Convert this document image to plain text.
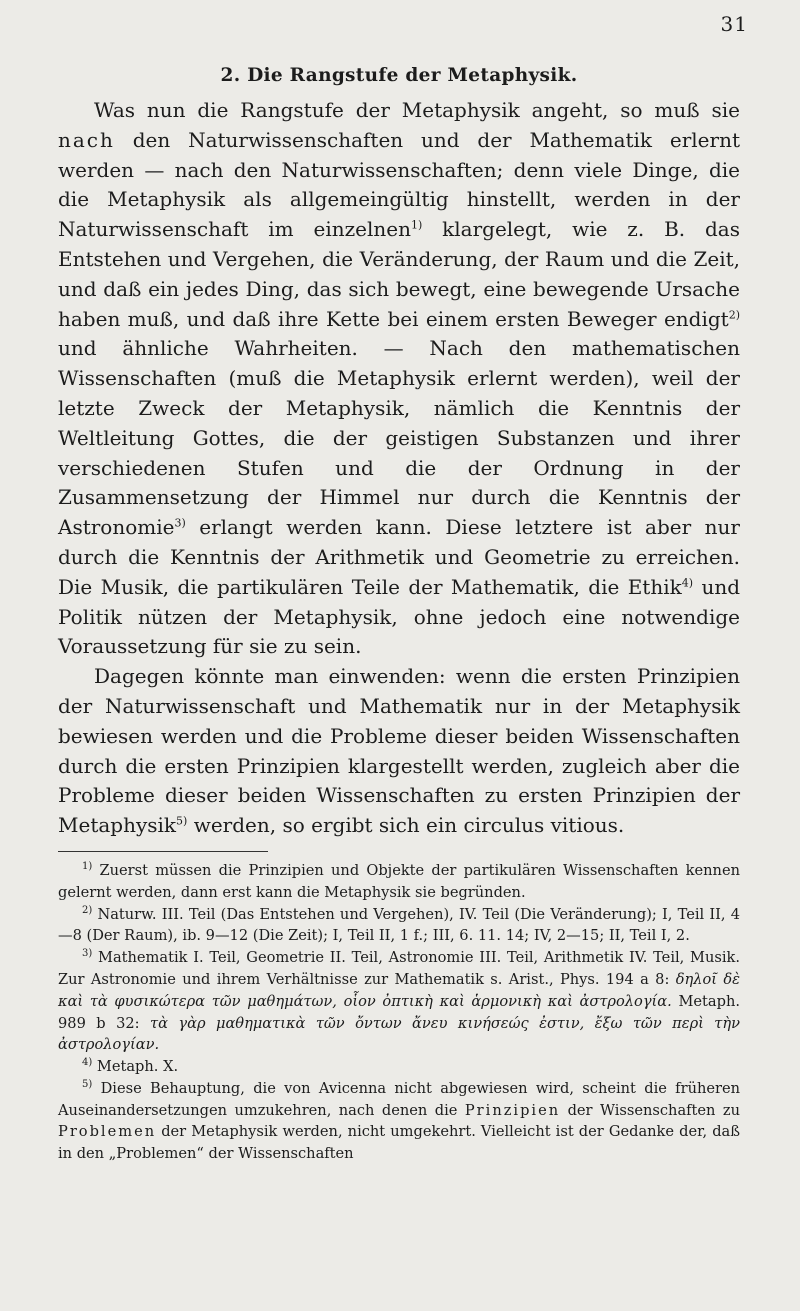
31
2. Die Rangstufe der Metaphysik.

Was nun die Rangstufe der Metaphysik angeht, so muß sie nach den Naturwissenschaften und der Mathematik erlernt werden — nach den Naturwissenschaften; denn viele Dinge, die die Metaphysik als allgemeingültig hinstellt, werden in der Naturwissenschaft im einzelnen$^{1)}$ klargelegt, wie z. B. das Entstehen und Vergehen, die Veränderung, der Raum und die Zeit, und daß ein jedes Ding, das sich bewegt, eine bewegende Ursache haben muß, und daß ihre Kette bei einem ersten Beweger endigt$^{2)}$ und ähnliche Wahrheiten. — Nach den mathematischen Wissenschaften (muß die Metaphysik erlernt werden), weil der letzte Zweck der Metaphysik, nämlich die Kenntnis der Weltleitung Gottes, die der geistigen Substanzen und ihrer verschiedenen Stufen und die der Ordnung in der Zusammensetzung der Himmel nur durch die Kenntnis der Astronomie$^{3)}$ erlangt werden kann. Diese letztere ist aber nur durch die Kenntnis der Arithmetik und Geometrie zu erreichen. Die Musik, die partikulären Teile der Mathematik, die Ethik$^{4)}$ und Politik nützen der Metaphysik, ohne jedoch eine notwendige Voraussetzung für sie zu sein.

Dagegen könnte man einwenden: wenn die ersten Prinzipien der Naturwissenschaft und Mathematik nur in der Metaphysik bewiesen werden und die Probleme dieser beiden Wissenschaften durch die ersten Prinzipien klargestellt werden, zugleich aber die Probleme dieser beiden Wissenschaften zu ersten Prinzipien der Metaphysik$^{5)}$ werden, so ergibt sich ein circulus vitious.

$^{1)}$ Zuerst müssen die Prinzipien und Objekte der partikulären Wissenschaften kennen gelernt werden, dann erst kann die Metaphysik sie begründen.

$^{2)}$ Naturw. III. Teil (Das Entstehen und Vergehen), IV. Teil (Die Veränderung); I, Teil II, 4—8 (Der Raum), ib. 9—12 (Die Zeit); I, Teil II, 1 f.; III, 6. 11. 14; IV, 2—15; II, Teil I, 2.

$^{3)}$ Mathematik I. Teil, Geometrie II. Teil, Astronomie III. Teil, Arithmetik IV. Teil, Musik. Zur Astronomie und ihrem Verhältnisse zur Mathematik s. Arist., Phys. 194 a 8: δηλοῖ δὲ καὶ τὰ φυσικώτερα τῶν μαθημάτων, οἷον ὀπτικὴ καὶ ἁρμονικὴ καὶ ἀστρολογία. Metaph. 989 b 32: τὰ γὰρ μαθηματικὰ τῶν ὄντων ἄνευ κινήσεώς ἐστιν, ἔξω τῶν περὶ τὴν ἀστρολογίαν.

$^{4)}$ Metaph. X.

$^{5)}$ Diese Behauptung, die von Avicenna nicht abgewiesen wird, scheint die früheren Auseinandersetzungen umzukehren, nach denen die Prinzipien der Wissenschaften zu Problemen der Metaphysik werden, nicht umgekehrt. Vielleicht ist der Gedanke der, daß in den „Problemen“ der Wissenschaften
